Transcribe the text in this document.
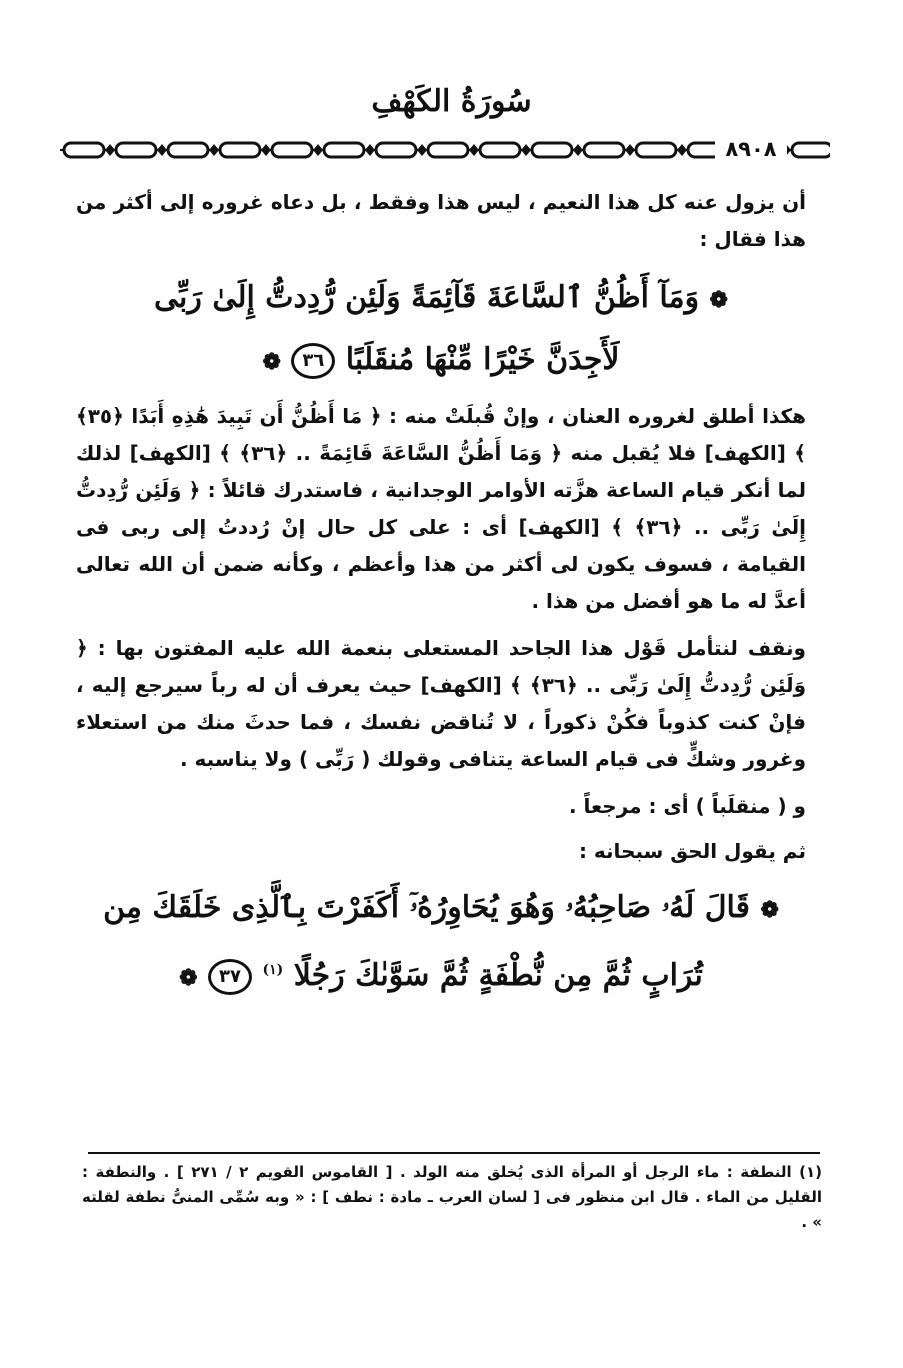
سُورَةُ الكَهْفِ
٨٩٠٨

أن يزول عنه كل هذا النعيم ، ليس هذا وفقط ، بل دعاه غروره إلى أكثر من هذا فقال :

❁ وَمَآ أَظُنُّ ٱلسَّاعَةَ قَآئِمَةً وَلَئِن رُّدِدتُّ إِلَىٰ رَبِّى
لَأَجِدَنَّ خَيْرًا مِّنْهَا مُنقَلَبًا ٣٦ ❁

هكذا أطلق لغروره العنان ، وإنْ قُبلَتْ منه : ﴿ مَا أَظُنُّ أَن تَبِيدَ هَٰذِهِ أَبَدًا ﴿٣٥﴾ ﴾ [الكهف] فلا يُقبل منه ﴿ وَمَا أَظُنُّ السَّاعَةَ قَائِمَةً .. ﴿٣٦﴾ ﴾ [الكهف] لذلك لما أنكر قيام الساعة هزَّته الأوامر الوجدانية ، فاستدرك قائلاً : ﴿ وَلَئِن رُّدِدتُّ إِلَىٰ رَبِّى .. ﴿٣٦﴾ ﴾ [الكهف] أى : على كل حال إنْ رُددتُ إلى ربى فى القيامة ، فسوف يكون لى أكثر من هذا وأعظم ، وكأنه ضمن أن الله تعالى أعدَّ له ما هو أفضل من هذا .

ونقف لنتأمل قَوْل هذا الجاحد المستعلى بنعمة الله عليه المفتون بها : ﴿ وَلَئِن رُّدِدتُّ إِلَىٰ رَبِّى .. ﴿٣٦﴾ ﴾ [الكهف] حيث يعرف أن له رباً سيرجع إليه ، فإنْ كنت كذوباً فكُنْ ذكوراً ، لا تُناقض نفسك ، فما حدثَ منك من استعلاء وغرور وشكٍّ فى قيام الساعة يتنافى وقولك ( رَبِّى ) ولا يناسبه .

و ( منقلَباً ) أى : مرجعاً .

ثم يقول الحق سبحانه :

❁ قَالَ لَهُۥ صَاحِبُهُۥ وَهُوَ يُحَاوِرُهُۥٓ أَكَفَرْتَ بِٱلَّذِى خَلَقَكَ مِن
تُرَابٍ ثُمَّ مِن نُّطْفَةٍ ثُمَّ سَوَّىٰكَ رَجُلًا $^{(١)}$ ٣٧ ❁
(١) النطفة : ماء الرجل أو المرأة الذى يُخلق منه الولد . [ القاموس القويم ٢ / ٢٧١ ] . والنطفة : القليل من الماء . قال ابن منظور فى [ لسان العرب ـ مادة : نطف ] : « وبه سُمِّى المنىُّ نطفة لقلته » .
